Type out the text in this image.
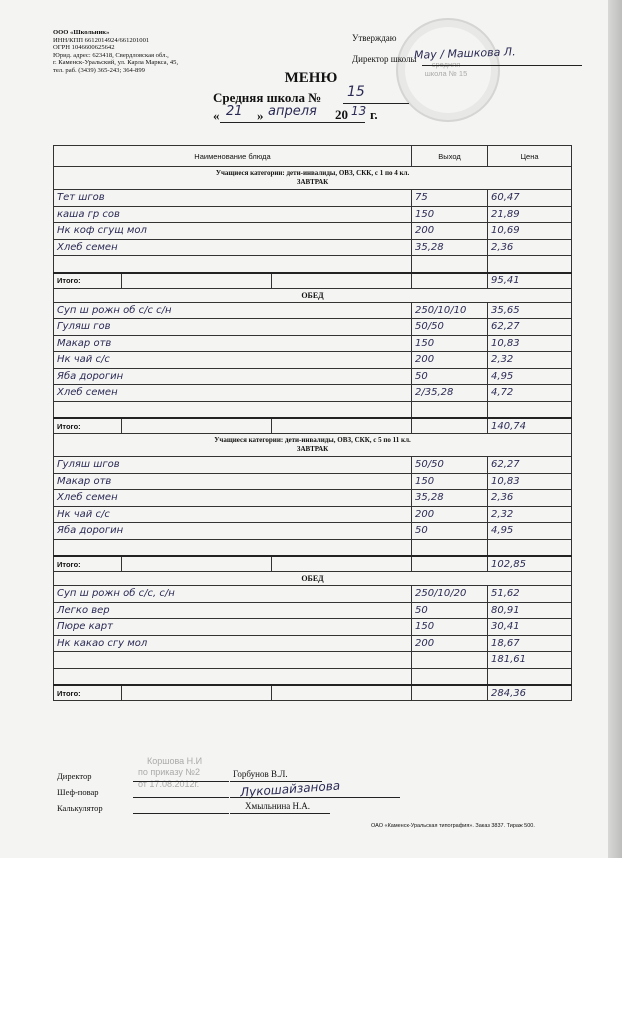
ООО «Школьник»
ИНН/КПП 6612014924/661201001
ОГРН 1046600625642
Юрид. адрес: 623418, Свердловская обл.,
г. Каменск-Уральский, ул. Карла Маркса, 45,
тел. раб. (3439) 365-243; 364-899
средняя школа № 15
Утверждаю
Директор школы
Мау / Машкова Л.
МЕНЮ
Средняя школа № 15
« 21 » апреля 20 13 г.
Наименование блюда			Выход	Цена

Учащиеся категории: дети-инвалиды, ОВЗ, СКК, с 1 по 4 кл.
ЗАВТРАК				

Тет шгов			75	60,47
каша гр сов			150	21,89
Нк коф сгущ мол			200	10,69
Хлеб семен			35,28	2,36

Итого:				95,41
ОБЕД				
Суп ш рожн об с/с с/н			250/10/10	35,65
Гуляш гов			50/50	62,27
Макар отв			150	10,83
Нк чай с/с			200	2,32
Яба дорогин			50	4,95
Хлеб семен			2/35,28	4,72

Итого:				140,74

Учащиеся категории: дети-инвалиды, ОВЗ, СКК, с 5 по 11 кл.
ЗАВТРАК				

Гуляш шгов			50/50	62,27
Макар отв			150	10,83
Хлеб семен			35,28	2,36
Нк чай с/с			200	2,32
Яба дорогин			50	4,95

Итого:				102,85
ОБЕД				
Суп ш рожн об с/с, с/н			250/10/20	51,62
Легко вер			50	80,91
Пюре карт			150	30,41
Нк какао сгу мол			200	18,67
				181,61

Итого:				284,36
Коршова Н.И
по приказу №2
от 17.08.2012г.
Директор	Горбунов В.Л.
Шеф-повар	Лукошайзанова
Калькулятор	Хмыльнина Н.А.
ОАО «Каменск-Уральская типография». Заказ 3837. Тираж 500.
